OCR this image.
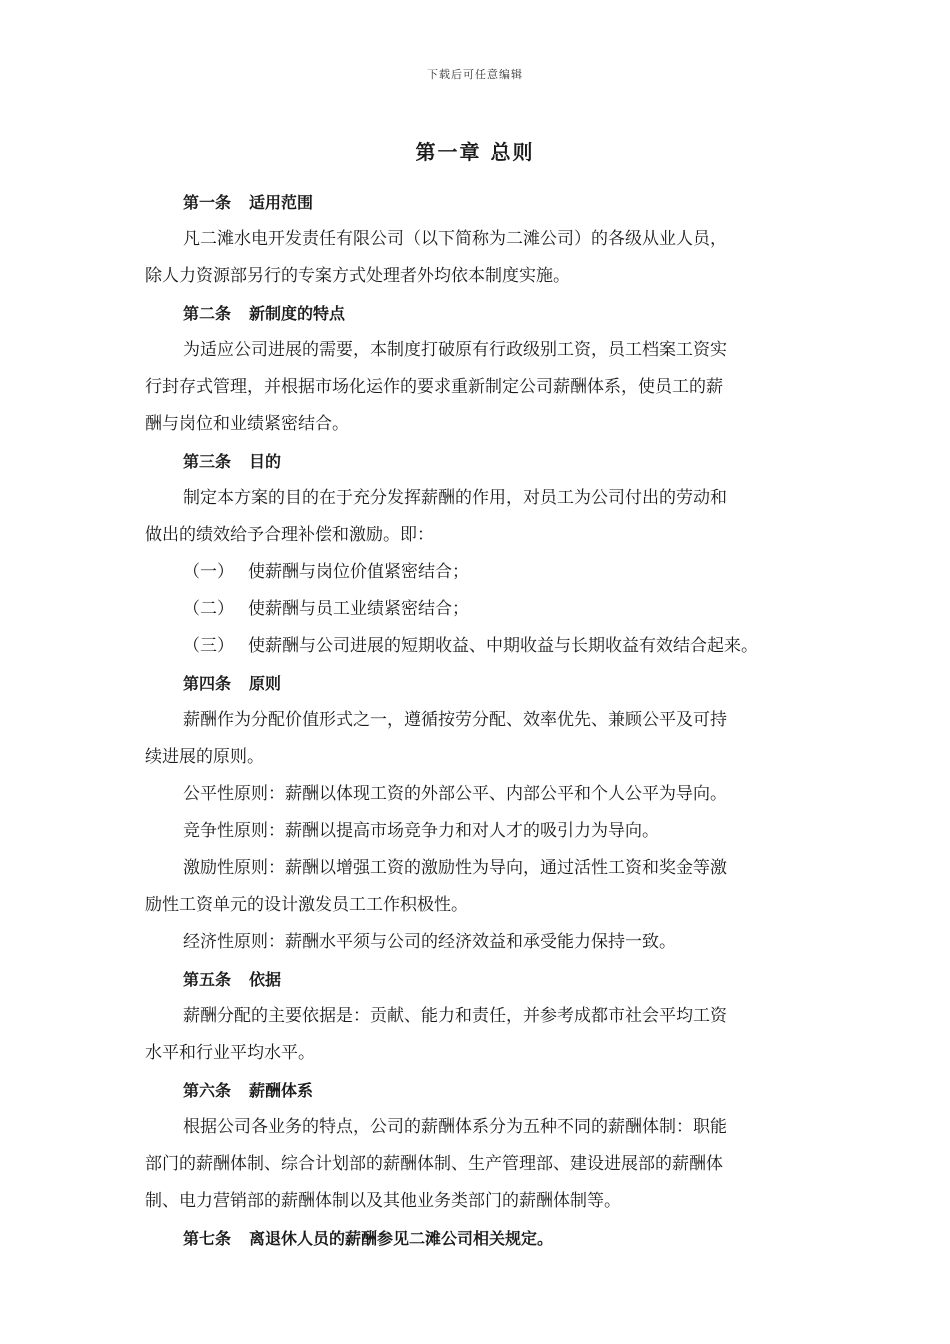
下载后可任意编辑
第一章 总则
第一条 适用范围
凡二滩水电开发责任有限公司（以下简称为二滩公司）的各级从业人员，
除人力资源部另行的专案方式处理者外均依本制度实施。
第二条 新制度的特点
为适应公司进展的需要，本制度打破原有行政级别工资，员工档案工资实
行封存式管理，并根据市场化运作的要求重新制定公司薪酬体系，使员工的薪
酬与岗位和业绩紧密结合。
第三条 目的
制定本方案的目的在于充分发挥薪酬的作用，对员工为公司付出的劳动和
做出的绩效给予合理补偿和激励。即：
（一） 使薪酬与岗位价值紧密结合；
（二） 使薪酬与员工业绩紧密结合；
（三） 使薪酬与公司进展的短期收益、中期收益与长期收益有效结合起来。
第四条 原则
薪酬作为分配价值形式之一，遵循按劳分配、效率优先、兼顾公平及可持
续进展的原则。
公平性原则：薪酬以体现工资的外部公平、内部公平和个人公平为导向。
竞争性原则：薪酬以提高市场竞争力和对人才的吸引力为导向。
激励性原则：薪酬以增强工资的激励性为导向，通过活性工资和奖金等激
励性工资单元的设计激发员工工作积极性。
经济性原则：薪酬水平须与公司的经济效益和承受能力保持一致。
第五条 依据
薪酬分配的主要依据是：贡献、能力和责任，并参考成都市社会平均工资
水平和行业平均水平。
第六条 薪酬体系
根据公司各业务的特点，公司的薪酬体系分为五种不同的薪酬体制：职能
部门的薪酬体制、综合计划部的薪酬体制、生产管理部、建设进展部的薪酬体
制、电力营销部的薪酬体制以及其他业务类部门的薪酬体制等。
第七条 离退休人员的薪酬参见二滩公司相关规定。
